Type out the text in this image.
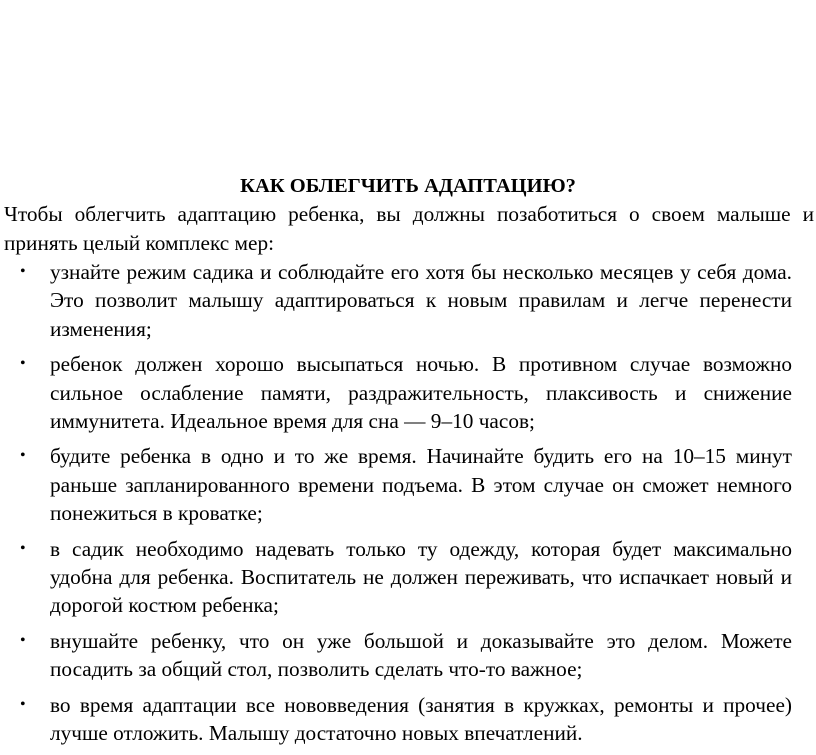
КАК ОБЛЕГЧИТЬ АДАПТАЦИЮ?

Чтобы облегчить адаптацию ребенка, вы должны позаботиться о своем малыше и принять целый комплекс мер:

•	узнайте режим садика и соблюдайте его хотя бы несколько месяцев у себя дома. Это позволит малышу адаптироваться к новым правилам и легче перенести изменения;
•	ребенок должен хорошо высыпаться ночью. В противном случае возможно сильное ослабление памяти, раздражительность, плаксивость и снижение иммунитета. Идеальное время для сна — 9–10 часов;
•	будите ребенка в одно и то же время. Начинайте будить его на 10–15 минут раньше запланированного времени подъема. В этом случае он сможет немного понежиться в кроватке;
•	в садик необходимо надевать только ту одежду, которая будет максимально удобна для ребенка. Воспитатель не должен переживать, что испачкает новый и дорогой костюм ребенка;
•	внушайте ребенку, что он уже большой и доказывайте это делом. Можете посадить за общий стол, позволить сделать что-то важное;
•	во время адаптации все нововведения (занятия в кружках, ремонты и прочее) лучше отложить. Малышу достаточно новых впечатлений.
